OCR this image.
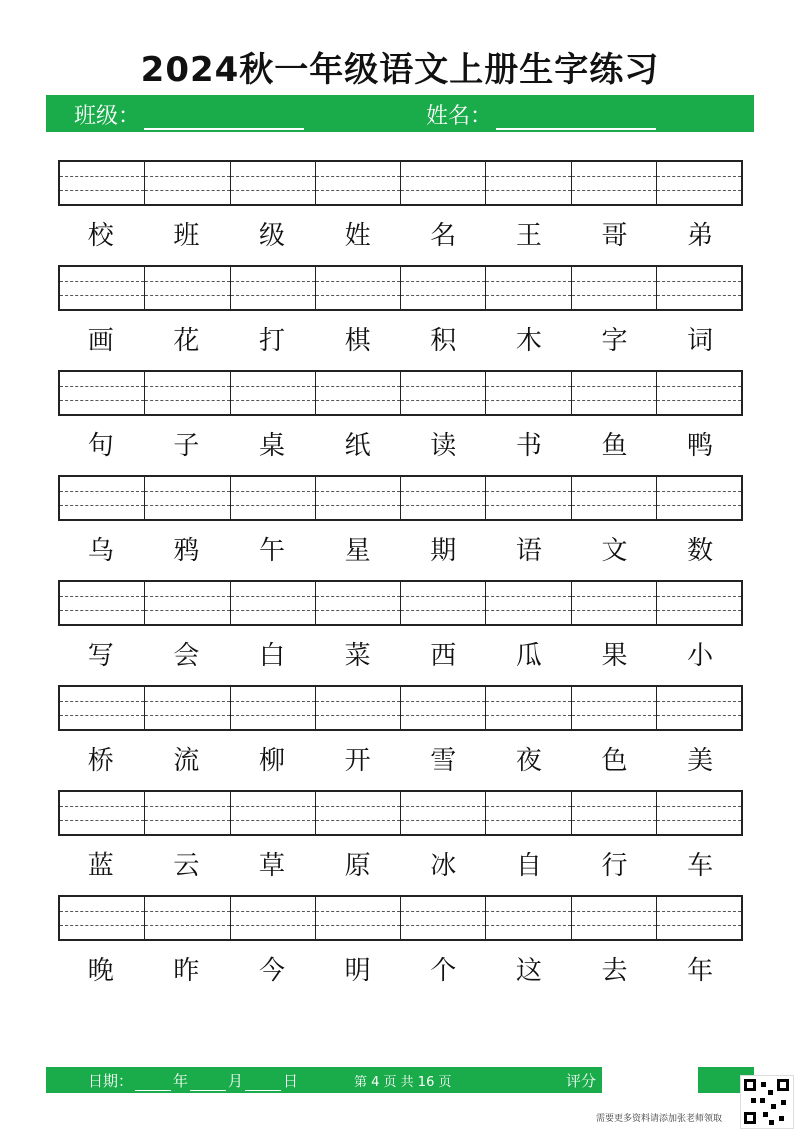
2024秋一年级语文上册生字练习
班级：	姓名：
校	班	级	姓	名	王	哥	弟
画	花	打	棋	积	木	字	词
句	子	桌	纸	读	书	鱼	鸭
乌	鸦	午	星	期	语	文	数
写	会	白	菜	西	瓜	果	小
桥	流	柳	开	雪	夜	色	美
蓝	云	草	原	冰	自	行	车
晚	昨	今	明	个	这	去	年
日期：	年	月	日	第 4 页 共 16 页	评分
需要更多资料请添加张老师领取
